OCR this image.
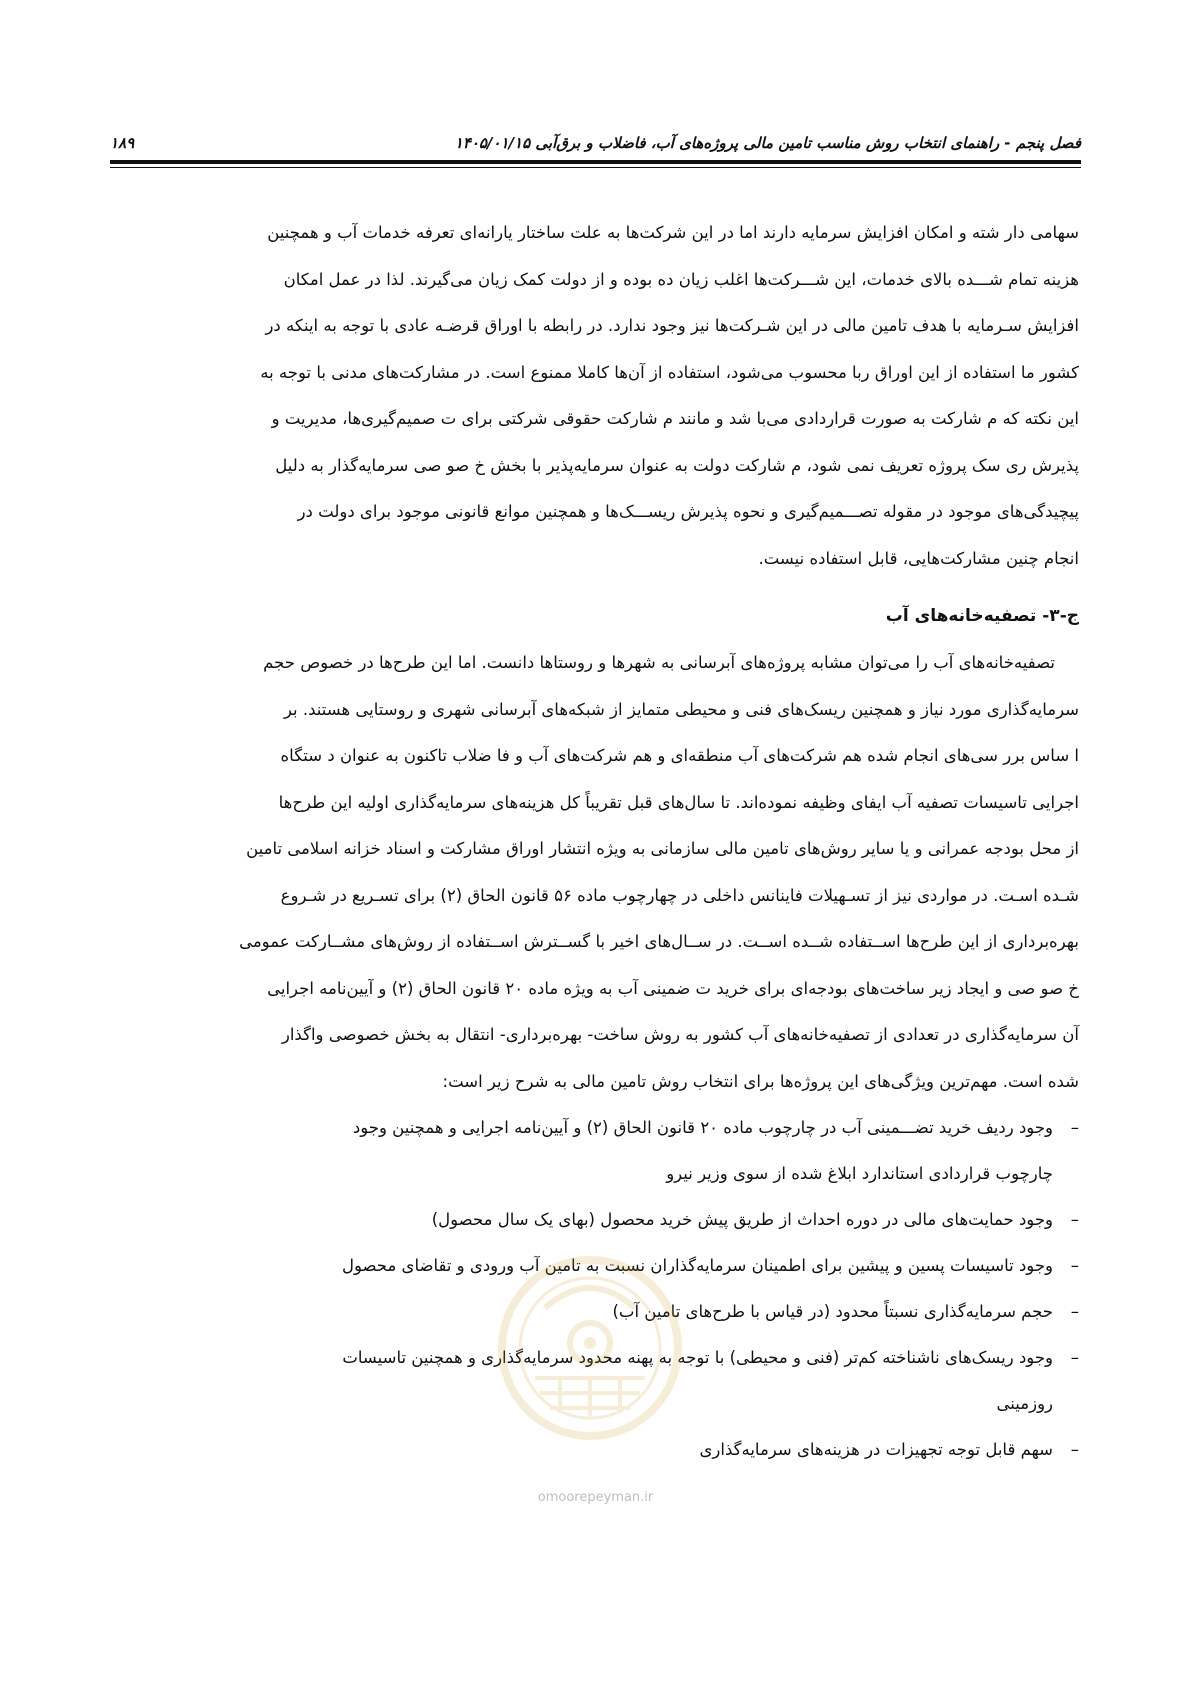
فصل پنجم - راهنمای انتخاب روش مناسب تامین مالی پروژه‌های آب، فاضلاب و برق‌آبی ۱۴۰۵/۰۱/۱۵
۱۸۹

سهامی دار شته و امکان افزایش سرمایه دارند اما در این شرکت‌ها به علت ساختار یارانه‌ای تعرفه خدمات آب و همچنین
هزینه تمام شـــده بالای خدمات، این شـــرکت‌ها اغلب زیان ده بوده و از دولت کمک زیان می‌گیرند. لذا در عمل امکان
افزایش سـرمایه با هدف تامین مالی در این شـرکت‌ها نیز وجود ندارد. در رابطه با اوراق قرضـه عادی با توجه به اینکه در
کشور ما استفاده از این اوراق ربا محسوب می‌شود، استفاده از آن‌ها کاملا ممنوع است. در مشارکت‌های مدنی با توجه به
این نکته که م شارکت به صورت قراردادی می‌با شد و مانند م شارکت حقوقی شرکتی برای ت صمیم‌گیری‌ها، مدیریت و
پذیرش ری سک پروژه تعریف نمی شود، م شارکت دولت به عنوان سرمایه‌پذیر با بخش خ صو صی سرمایه‌گذار به دلیل
پیچیدگی‌های موجود در مقوله تصـــمیم‌گیری و نحوه پذیرش ریســـک‌ها و همچنین موانع قانونی موجود برای دولت در
انجام چنین مشارکت‌هایی، قابل استفاده نیست.

ج-۳- تصفیه‌خانه‌های آب

تصفیه‌خانه‌های آب را می‌توان مشابه پروژه‌های آبرسانی به شهرها و روستاها دانست. اما این طرح‌ها در خصوص حجم
سرمایه‌گذاری مورد نیاز و همچنین ریسک‌های فنی و محیطی متمایز از شبکه‌های آبرسانی شهری و روستایی هستند. بر
ا ساس برر سی‌های انجام شده هم شرکت‌های آب منطقه‌ای و هم شرکت‌های آب و فا ضلاب تاکنون به عنوان د ستگاه
اجرایی تاسیسات تصفیه آب ایفای وظیفه نموده‌اند. تا سال‌های قبل تقریباً کل هزینه‌های سرمایه‌گذاری اولیه این طرح‌ها
از محل بودجه عمرانی و یا سایر روش‌های تامین مالی سازمانی به ویژه انتشار اوراق مشارکت و اسناد خزانه اسلامی تامین
شـده اسـت. در مواردی نیز از تسـهیلات فاینانس داخلی در چهارچوب ماده ۵۶ قانون الحاق (۲) برای تسـریع در شـروع
بهره‌برداری از این طرح‌ها اســتفاده شــده اســت. در ســال‌های اخیر با گســترش اســتفاده از روش‌های مشــارکت عمومی
خ صو صی و ایجاد زیر ساخت‌های بودجه‌ای برای خرید ت ضمینی آب به ویژه ماده ۲۰ قانون الحاق (۲) و آیین‌نامه اجرایی
آن سرمایه‌گذاری در تعدادی از تصفیه‌خانه‌های آب کشور به روش ساخت- بهره‌برداری- انتقال به بخش خصوصی واگذار
شده است. مهم‌ترین ویژگی‌های این پروژه‌ها برای انتخاب روش تامین مالی به شرح زیر است:

–
وجود ردیف خرید تضـــمینی آب در چارچوب ماده ۲۰ قانون الحاق (۲) و آیین‌نامه اجرایی و همچنین وجود
چارچوب قراردادی استاندارد ابلاغ شده از سوی وزیر نیرو
–
وجود حمایت‌های مالی در دوره احداث از طریق پیش خرید محصول (بهای یک سال محصول)
–
وجود تاسیسات پسین و پیشین برای اطمینان سرمایه‌گذاران نسبت به تامین آب ورودی و تقاضای محصول
–
حجم سرمایه‌گذاری نسبتاً محدود (در قیاس با طرح‌های تامین آب)
–
وجود ریسک‌های ناشناخته کم‌تر (فنی و محیطی) با توجه به پهنه محدود سرمایه‌گذاری و همچنین تاسیسات
روزمینی
–
سهم قابل توجه تجهیزات در هزینه‌های سرمایه‌گذاری
omoorepeyman.ir
